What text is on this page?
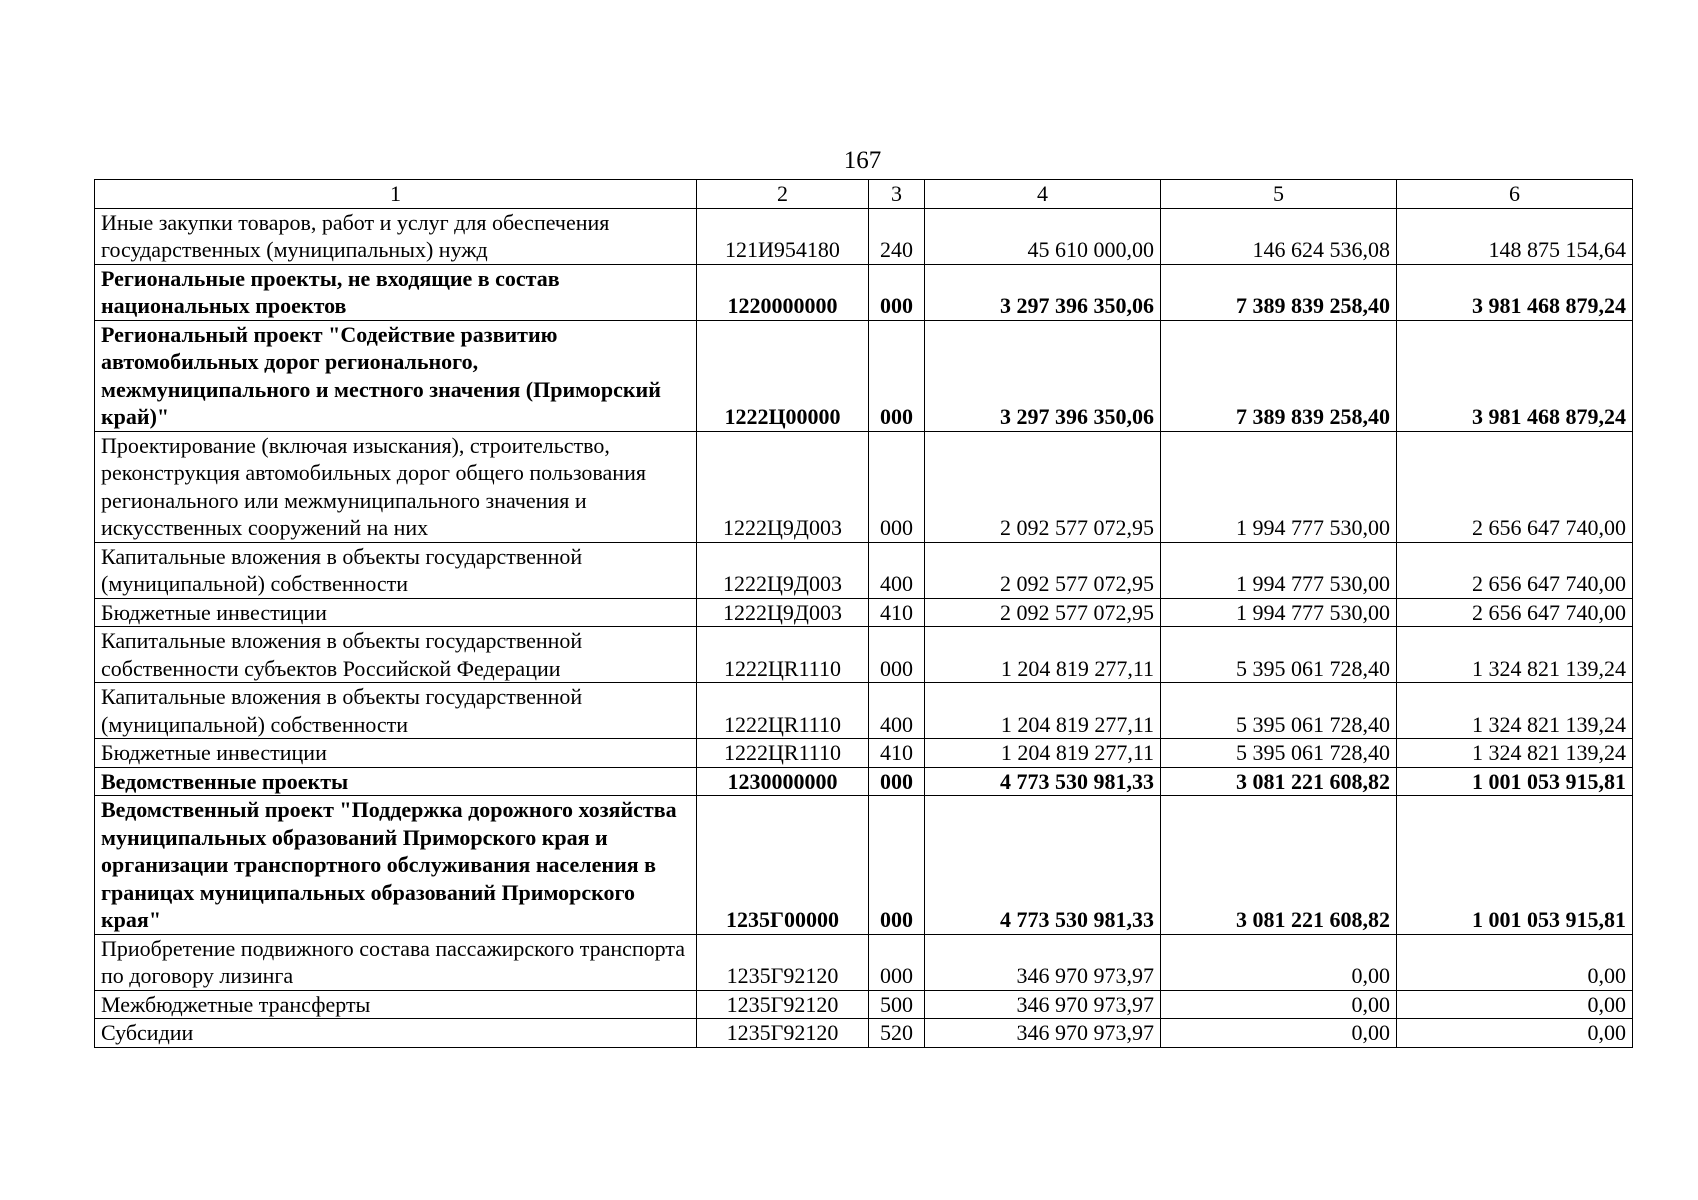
167
1	2	3	4	5	6
Иные закупки товаров, работ и услуг для обеспечения государственных (муниципальных) нужд	121И954180	240	45 610 000,00	146 624 536,08	148 875 154,64
Региональные проекты, не входящие в состав национальных проектов	1220000000	000	3 297 396 350,06	7 389 839 258,40	3 981 468 879,24
Региональный проект "Содействие развитию автомобильных дорог регионального, межмуниципального и местного значения (Приморский край)"	1222Ц00000	000	3 297 396 350,06	7 389 839 258,40	3 981 468 879,24
Проектирование (включая изыскания), строительство, реконструкция автомобильных дорог общего пользования регионального или межмуниципального значения и искусственных сооружений на них	1222Ц9Д003	000	2 092 577 072,95	1 994 777 530,00	2 656 647 740,00
Капитальные вложения в объекты государственной (муниципальной) собственности	1222Ц9Д003	400	2 092 577 072,95	1 994 777 530,00	2 656 647 740,00
Бюджетные инвестиции	1222Ц9Д003	410	2 092 577 072,95	1 994 777 530,00	2 656 647 740,00
Капитальные вложения в объекты государственной собственности субъектов Российской Федерации	1222ЦR1110	000	1 204 819 277,11	5 395 061 728,40	1 324 821 139,24
Капитальные вложения в объекты государственной (муниципальной) собственности	1222ЦR1110	400	1 204 819 277,11	5 395 061 728,40	1 324 821 139,24
Бюджетные инвестиции	1222ЦR1110	410	1 204 819 277,11	5 395 061 728,40	1 324 821 139,24
Ведомственные проекты	1230000000	000	4 773 530 981,33	3 081 221 608,82	1 001 053 915,81
Ведомственный проект "Поддержка дорожного хозяйства муниципальных образований Приморского края и организации транспортного обслуживания населения в границах муниципальных образований Приморского края"	1235Г00000	000	4 773 530 981,33	3 081 221 608,82	1 001 053 915,81
Приобретение подвижного состава пассажирского транспорта по договору лизинга	1235Г92120	000	346 970 973,97	0,00	0,00
Межбюджетные трансферты	1235Г92120	500	346 970 973,97	0,00	0,00
Субсидии	1235Г92120	520	346 970 973,97	0,00	0,00
